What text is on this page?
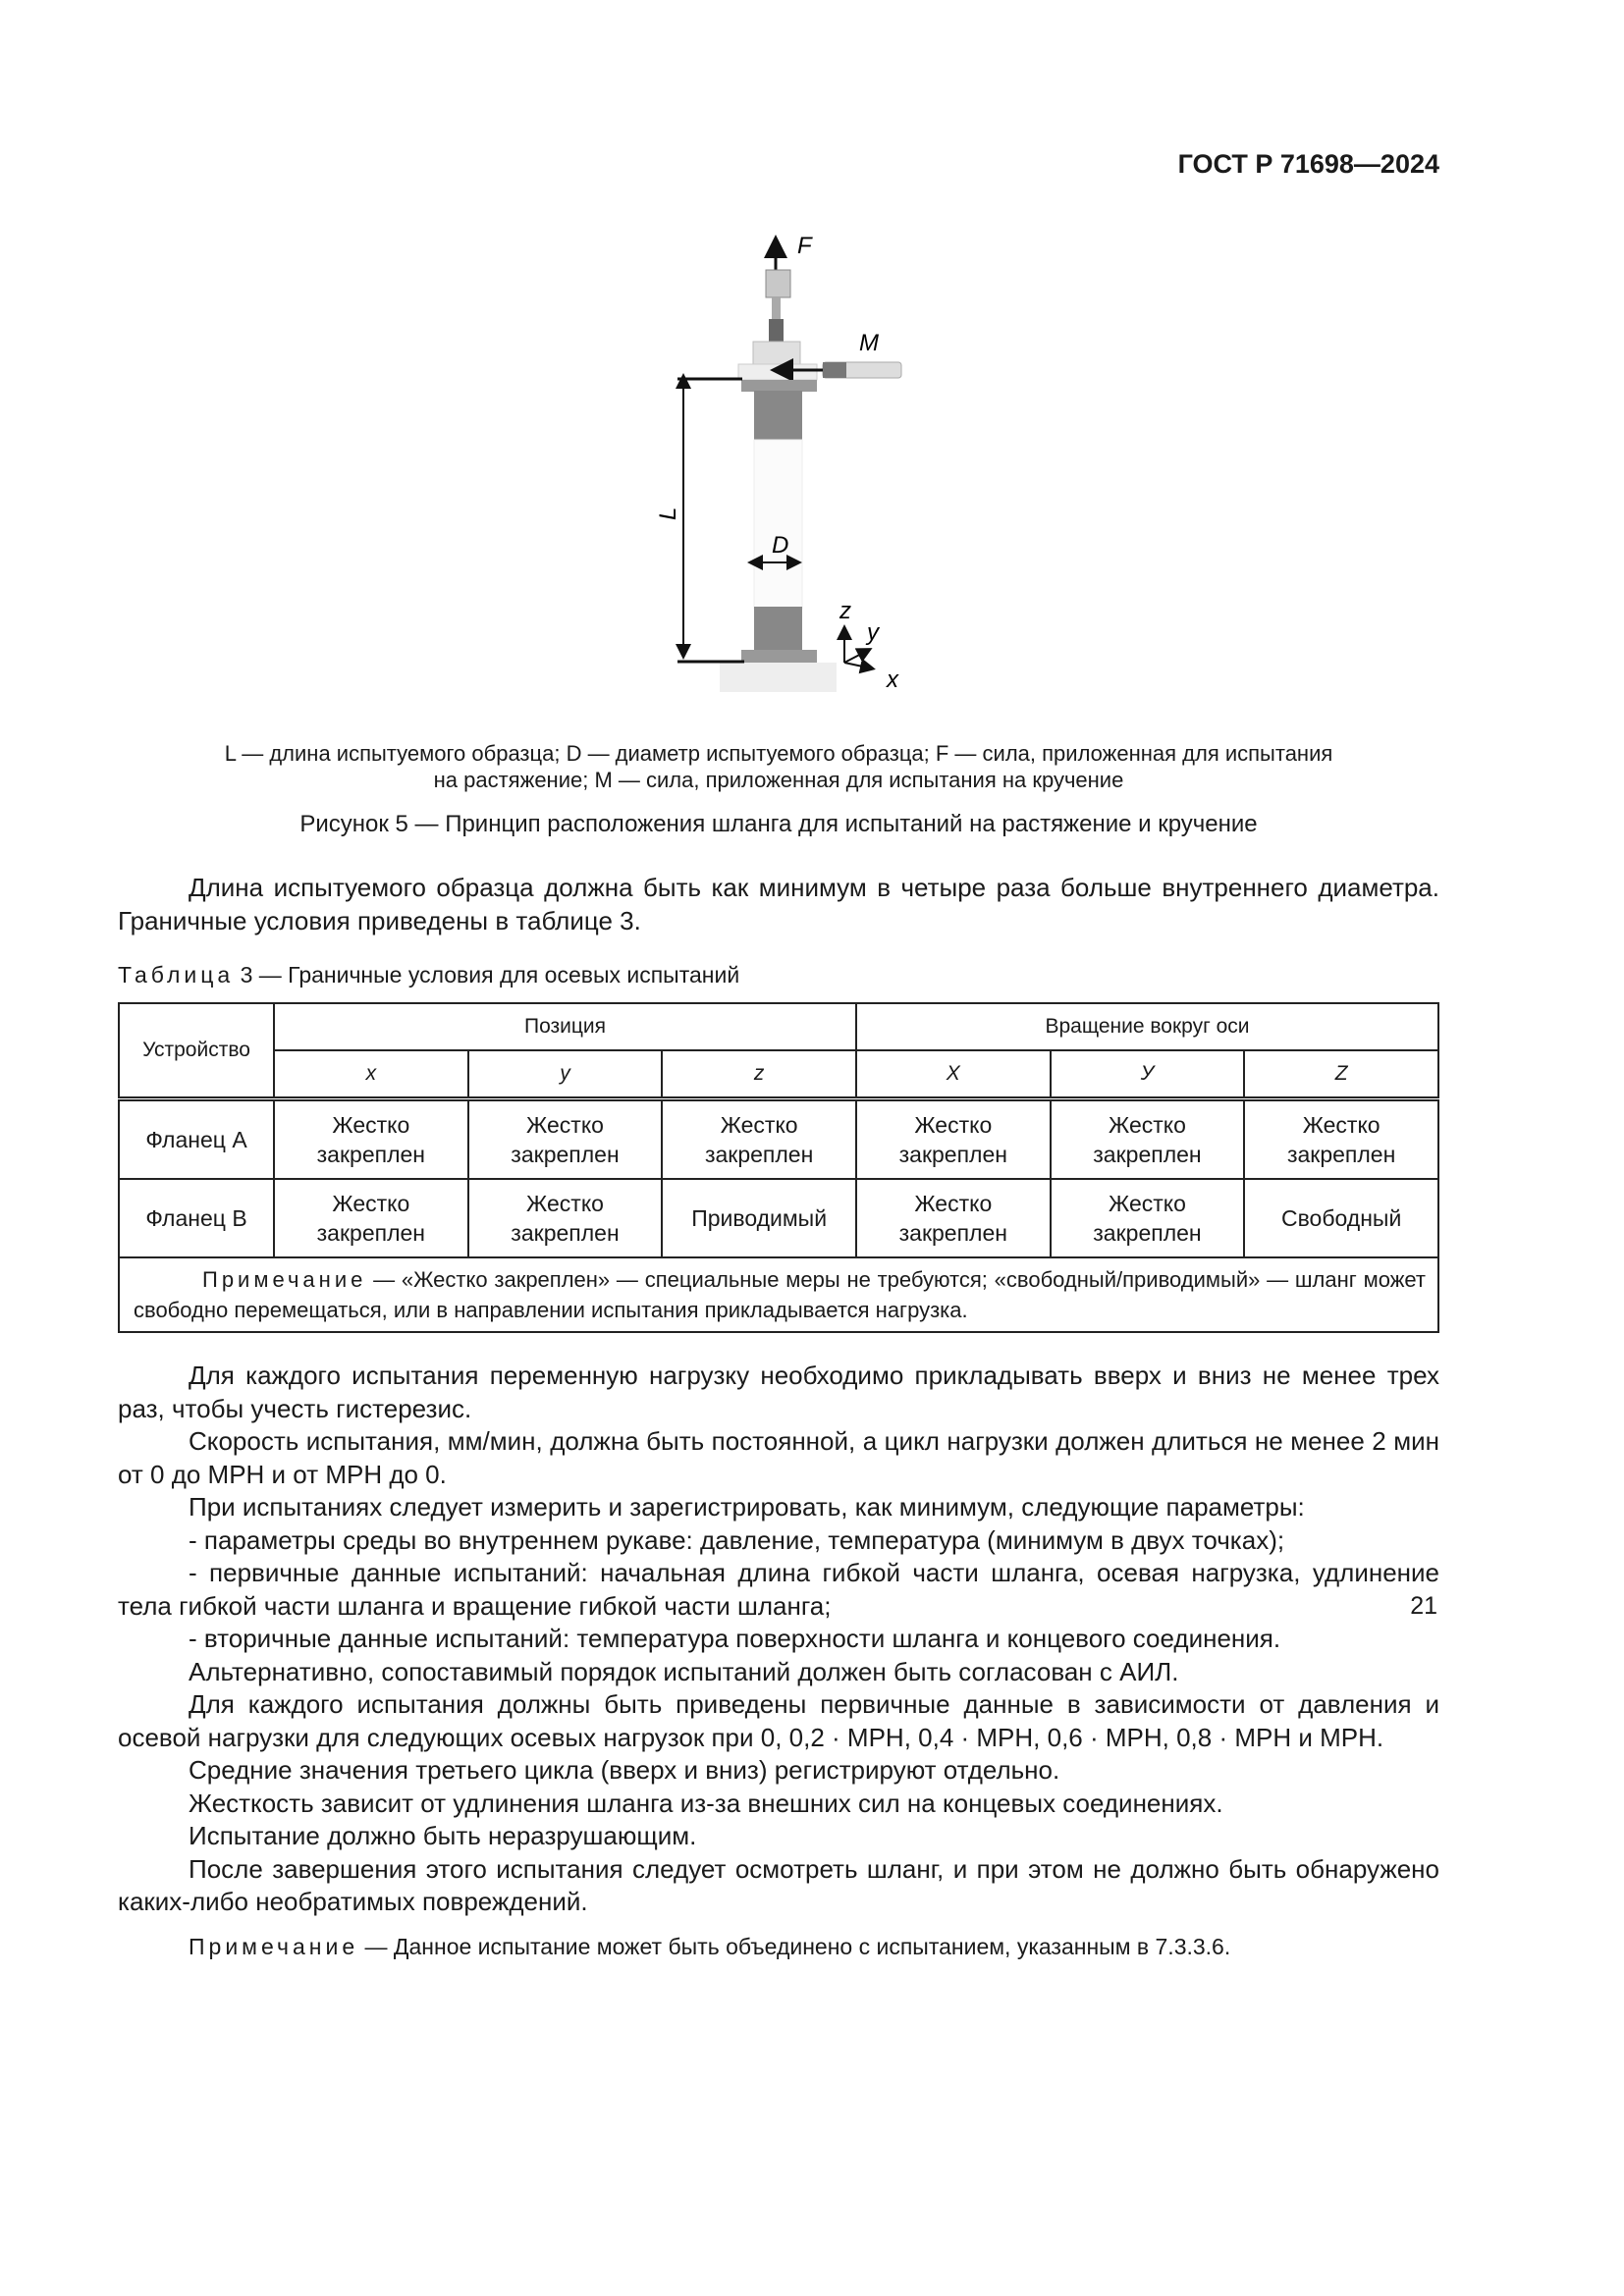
ГОСТ Р 71698—2024
F
M
D
L
z
y
x
L — длина испытуемого образца; D — диаметр испытуемого образца; F — сила, приложенная для испытания
на растяжение; M — сила, приложенная для испытания на кручение
Рисунок 5 — Принцип расположения шланга для испытаний на растяжение и кручение

Длина испытуемого образца должна быть как минимум в четыре раза больше внутреннего диаметра. Граничные условия приведены в таблице 3.

Таблица 3 — Граничные условия для осевых испытаний
Устройство	Позиция			Вращение вокруг оси		
	x	y	z	X	У	Z
Фланец А	Жестко закреплен	Жестко закреплен	Жестко закреплен	Жестко закреплен	Жестко закреплен	Жестко закреплен
Фланец В	Жестко закреплен	Жестко закреплен	Приводимый	Жестко закреплен	Жестко закреплен	Свободный
Примечание — «Жестко закреплен» — специальные меры не требуются; «свободный/приводимый» — шланг может свободно перемещаться, или в направлении испытания прикладывается нагрузка.						

Для каждого испытания переменную нагрузку необходимо прикладывать вверх и вниз не менее трех раз, чтобы учесть гистерезис.

Скорость испытания, мм/мин, должна быть постоянной, а цикл нагрузки должен длиться не менее 2 мин от 0 до МРН и от МРН до 0.

При испытаниях следует измерить и зарегистрировать, как минимум, следующие параметры:

- параметры среды во внутреннем рукаве: давление, температура (минимум в двух точках);

- первичные данные испытаний: начальная длина гибкой части шланга, осевая нагрузка, удлинение тела гибкой части шланга и вращение гибкой части шланга;

- вторичные данные испытаний: температура поверхности шланга и концевого соединения.

Альтернативно, сопоставимый порядок испытаний должен быть согласован с АИЛ.

Для каждого испытания должны быть приведены первичные данные в зависимости от давления и осевой нагрузки для следующих осевых нагрузок при 0, 0,2 · МРН, 0,4 · МРН, 0,6 · МРН, 0,8 · МРН и МРН.

Средние значения третьего цикла (вверх и вниз) регистрируют отдельно.

Жесткость зависит от удлинения шланга из-за внешних сил на концевых соединениях.

Испытание должно быть неразрушающим.

После завершения этого испытания следует осмотреть шланг, и при этом не должно быть обнаружено каких-либо необратимых повреждений.

Примечание — Данное испытание может быть объединено с испытанием, указанным в 7.3.3.6.

21
